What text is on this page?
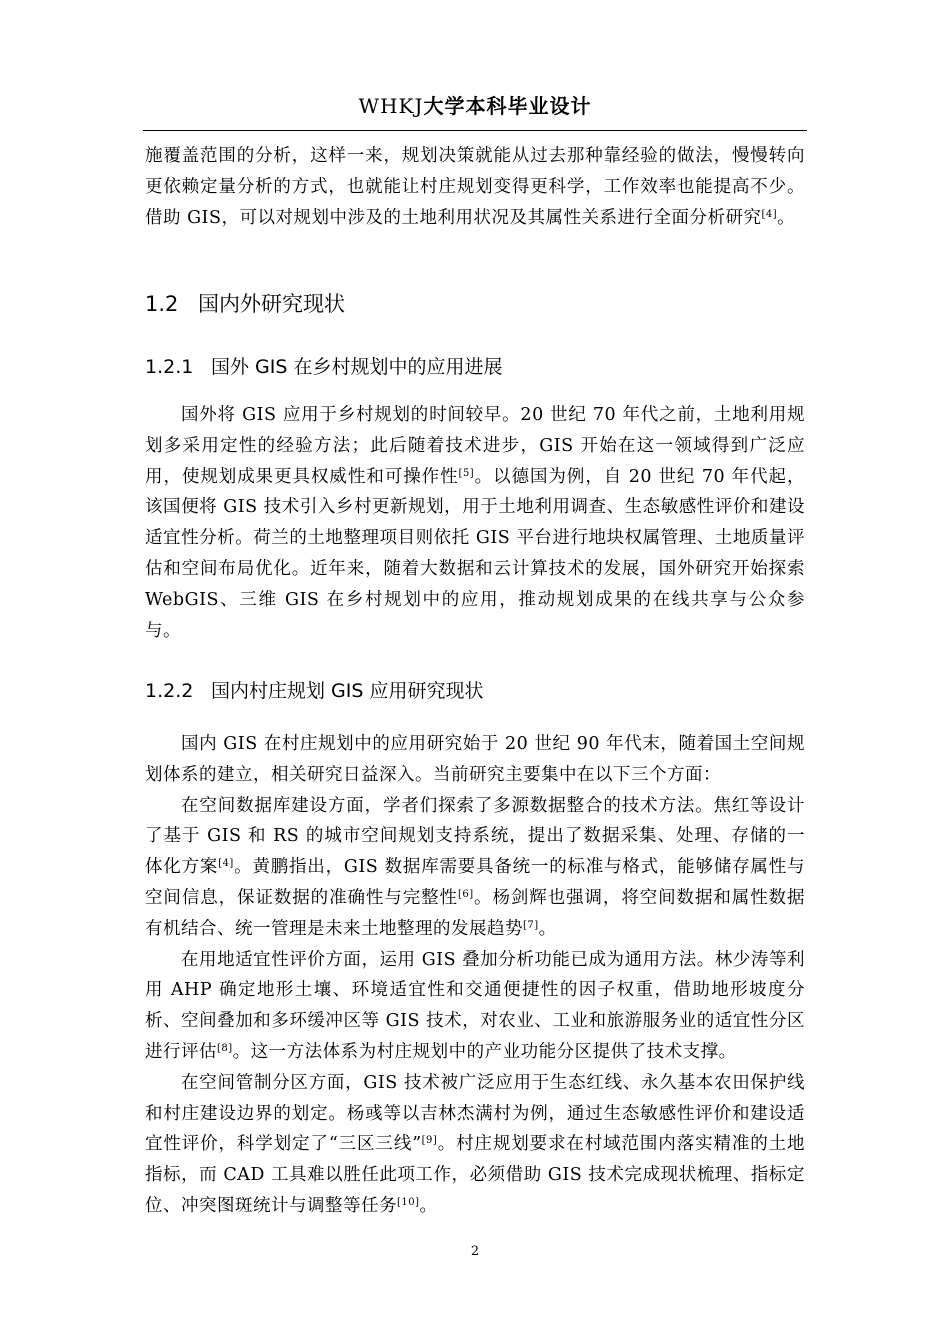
WHKJ大学本科毕业设计

施覆盖范围的分析，这样一来，规划决策就能从过去那种靠经验的做法，慢慢转向更依赖定量分析的方式，也就能让村庄规划变得更科学，工作效率也能提高不少。借助 GIS，可以对规划中涉及的土地利用状况及其属性关系进行全面分析研究[4]。

1.2 国内外研究现状
1.2.1 国外 GIS 在乡村规划中的应用进展

国外将 GIS 应用于乡村规划的时间较早。20 世纪 70 年代之前，土地利用规划多采用定性的经验方法；此后随着技术进步，GIS 开始在这一领域得到广泛应用，使规划成果更具权威性和可操作性[5]。以德国为例，自 20 世纪 70 年代起，该国便将 GIS 技术引入乡村更新规划，用于土地利用调查、生态敏感性评价和建设适宜性分析。荷兰的土地整理项目则依托 GIS 平台进行地块权属管理、土地质量评估和空间布局优化。近年来，随着大数据和云计算技术的发展，国外研究开始探索 WebGIS、三维 GIS 在乡村规划中的应用，推动规划成果的在线共享与公众参与。

1.2.2 国内村庄规划 GIS 应用研究现状

国内 GIS 在村庄规划中的应用研究始于 20 世纪 90 年代末，随着国土空间规划体系的建立，相关研究日益深入。当前研究主要集中在以下三个方面：

在空间数据库建设方面，学者们探索了多源数据整合的技术方法。焦红等设计了基于 GIS 和 RS 的城市空间规划支持系统，提出了数据采集、处理、存储的一体化方案[4]。黄鹏指出，GIS 数据库需要具备统一的标准与格式，能够储存属性与空间信息，保证数据的准确性与完整性[6]。杨剑辉也强调，将空间数据和属性数据有机结合、统一管理是未来土地整理的发展趋势[7]。

在用地适宜性评价方面，运用 GIS 叠加分析功能已成为通用方法。林少涛等利用 AHP 确定地形土壤、环境适宜性和交通便捷性的因子权重，借助地形坡度分析、空间叠加和多环缓冲区等 GIS 技术，对农业、工业和旅游服务业的适宜性分区进行评估[8]。这一方法体系为村庄规划中的产业功能分区提供了技术支撑。

在空间管制分区方面，GIS 技术被广泛应用于生态红线、永久基本农田保护线和村庄建设边界的划定。杨彧等以吉林杰满村为例，通过生态敏感性评价和建设适宜性评价，科学划定了“三区三线”[9]。村庄规划要求在村域范围内落实精准的土地指标，而 CAD 工具难以胜任此项工作，必须借助 GIS 技术完成现状梳理、指标定位、冲突图斑统计与调整等任务[10]。

2
